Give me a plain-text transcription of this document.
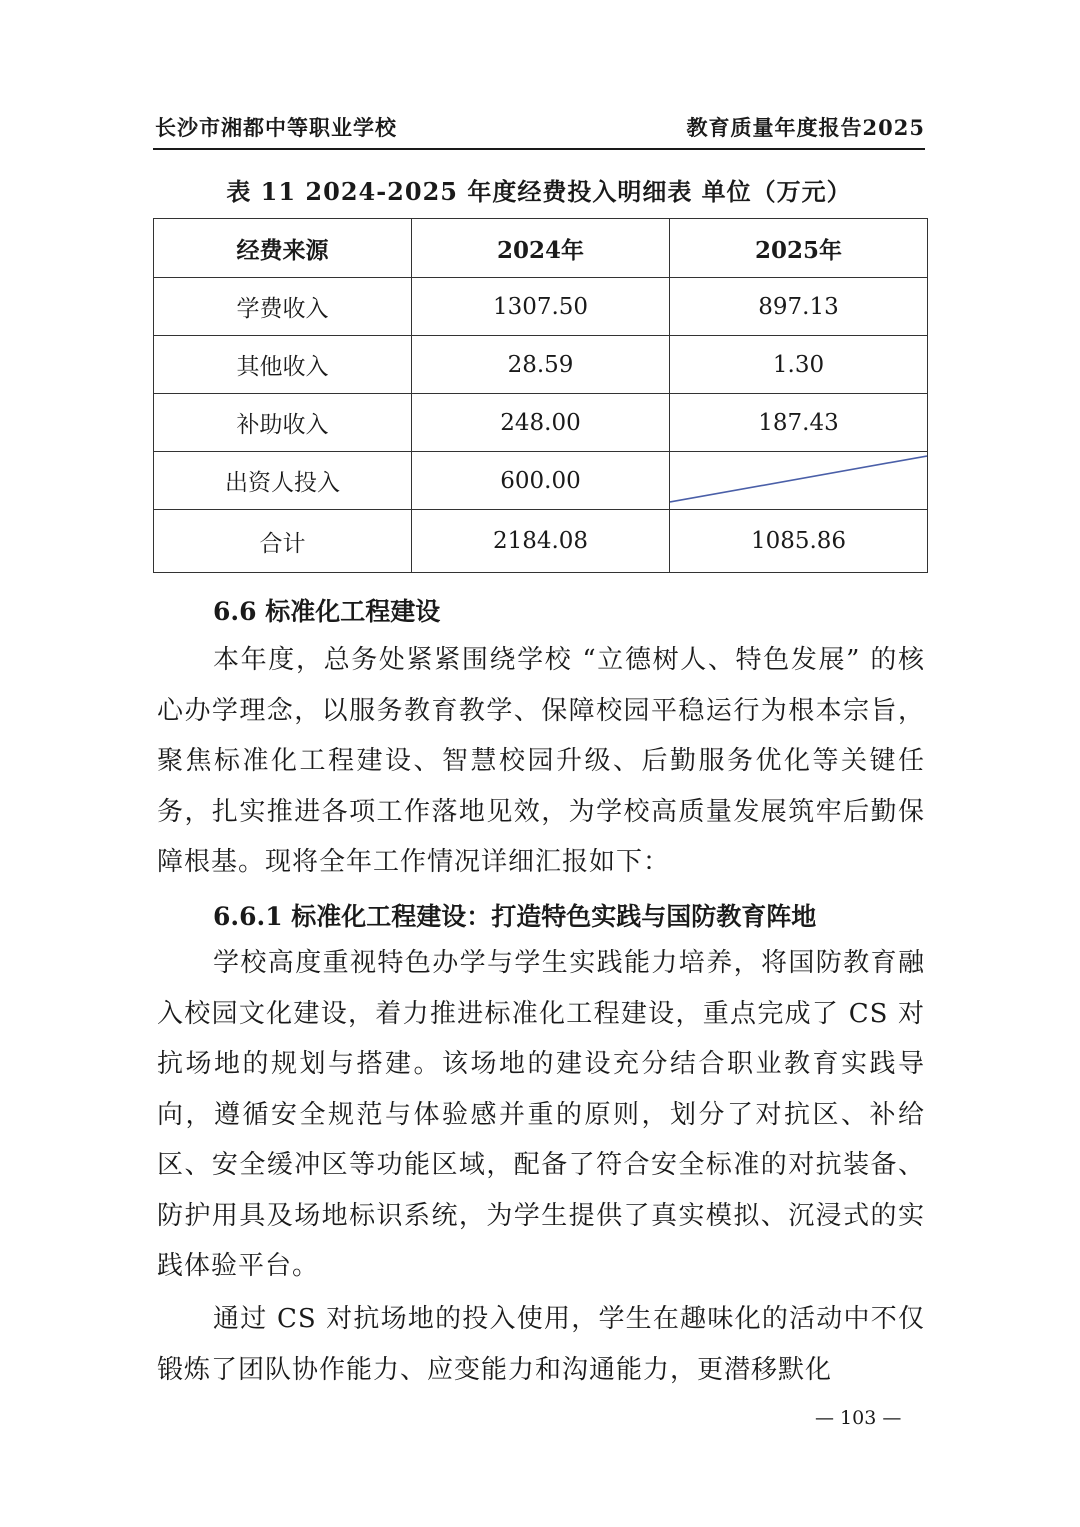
长沙市湘都中等职业学校	教育质量年度报告2025
表 11 2024-2025 年度经费投入明细表 单位（万元）
经费来源	2024年	2025年
学费收入	1307.50	897.13
其他收入	28.59	1.30
补助收入	248.00	187.43
出资人投入	600.00	

合计	2184.08	1085.86
6.6 标准化工程建设
本年度，总务处紧紧围绕学校 “立德树人、特色发展” 的核心办学理念，以服务教育教学、保障校园平稳运行为根本宗旨，聚焦标准化工程建设、智慧校园升级、后勤服务优化等关键任务，扎实推进各项工作落地见效，为学校高质量发展筑牢后勤保障根基。现将全年工作情况详细汇报如下：
6.6.1 标准化工程建设：打造特色实践与国防教育阵地
学校高度重视特色办学与学生实践能力培养，将国防教育融入校园文化建设，着力推进标准化工程建设，重点完成了 CS 对抗场地的规划与搭建。该场地的建设充分结合职业教育实践导向，遵循安全规范与体验感并重的原则，划分了对抗区、补给区、安全缓冲区等功能区域，配备了符合安全标准的对抗装备、防护用具及场地标识系统，为学生提供了真实模拟、沉浸式的实践体验平台。
通过 CS 对抗场地的投入使用，学生在趣味化的活动中不仅锻炼了团队协作能力、应变能力和沟通能力，更潜移默化
— 103 —
